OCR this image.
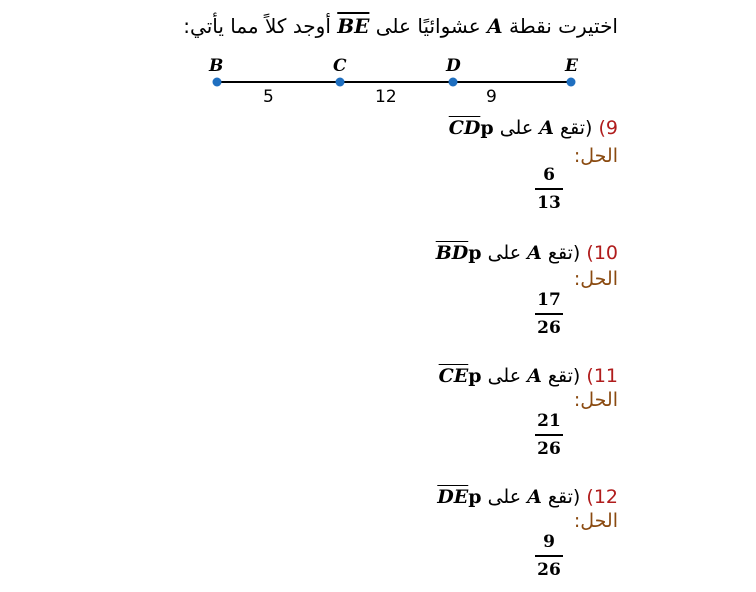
اختيرت نقطة A عشوائيًا على BE أوجد كلاً مما يأتي:
B	C	D	E
5	12	9
9) (تقع A على CDp
الحل:
6
13
10) (تقع A على BDp
الحل:
17
26
11) (تقع A على CEp
الحل:
21
26
12) (تقع A على DEp
الحل:
9
26
